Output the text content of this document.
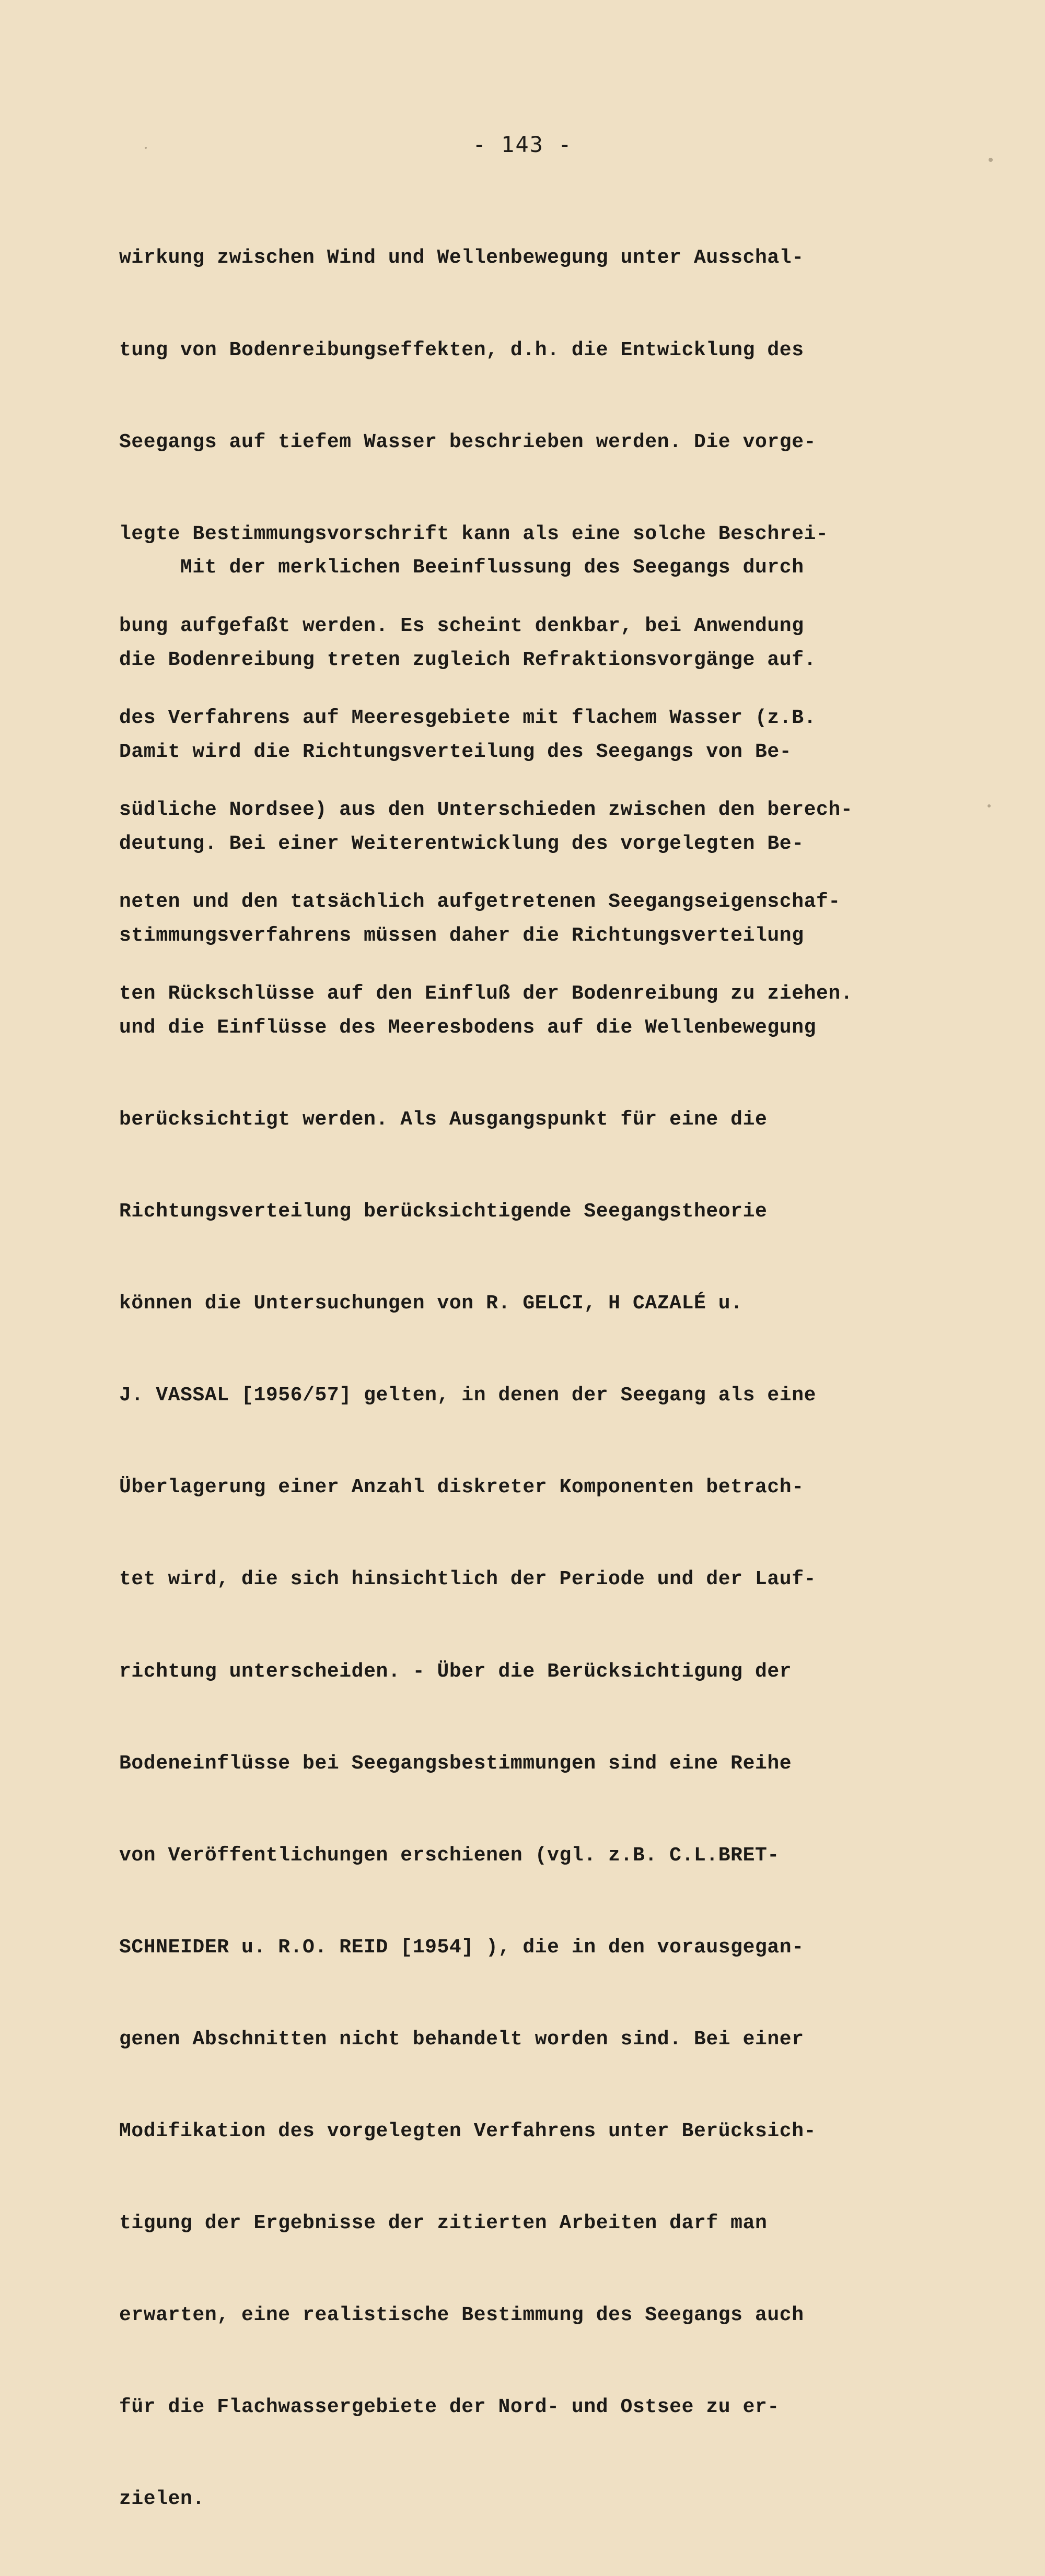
- 143 -

wirkung zwischen Wind und Wellenbewegung unter Ausschal-

tung von Bodenreibungseffekten, d.h. die Entwicklung des

Seegangs auf tiefem Wasser beschrieben werden. Die vorge-

legte Bestimmungsvorschrift kann als eine solche Beschrei-

bung aufgefaßt werden. Es scheint denkbar, bei Anwendung

des Verfahrens auf Meeresgebiete mit flachem Wasser (z.B.

südliche Nordsee) aus den Unterschieden zwischen den berech-

neten und den tatsächlich aufgetretenen Seegangseigenschaf-

ten Rückschlüsse auf den Einfluß der Bodenreibung zu ziehen.

Mit der merklichen Beeinflussung des Seegangs durch

die Bodenreibung treten zugleich Refraktionsvorgänge auf.

Damit wird die Richtungsverteilung des Seegangs von Be-

deutung. Bei einer Weiterentwicklung des vorgelegten Be-

stimmungsverfahrens müssen daher die Richtungsverteilung

und die Einflüsse des Meeresbodens auf die Wellenbewegung

berücksichtigt werden. Als Ausgangspunkt für eine die

Richtungsverteilung berücksichtigende Seegangstheorie

können die Untersuchungen von R. GELCI, H CAZALÉ u.

J. VASSAL [1956/57] gelten, in denen der Seegang als eine

Überlagerung einer Anzahl diskreter Komponenten betrach-

tet wird, die sich hinsichtlich der Periode und der Lauf-

richtung unterscheiden. - Über die Berücksichtigung der

Bodeneinflüsse bei Seegangsbestimmungen sind eine Reihe

von Veröffentlichungen erschienen (vgl. z.B. C.L.BRET-

SCHNEIDER u. R.O. REID [1954] ), die in den vorausgegan-

genen Abschnitten nicht behandelt worden sind. Bei einer

Modifikation des vorgelegten Verfahrens unter Berücksich-

tigung der Ergebnisse der zitierten Arbeiten darf man

erwarten, eine realistische Bestimmung des Seegangs auch

für die Flachwassergebiete der Nord- und Ostsee zu er-

zielen.
